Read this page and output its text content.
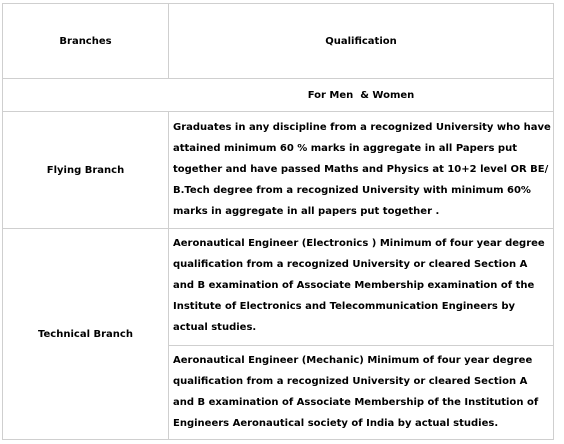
Branches	Qualification
For Men  & Women
Flying Branch
Graduates in any discipline from a recognized University who have attained minimum 60 % marks in aggregate in all Papers put together and have passed Maths and Physics at 10+2 level OR BE/ B.Tech degree from a recognized University with minimum 60% marks in aggregate in all papers put together .
Technical Branch
Aeronautical Engineer (Electronics ) Minimum of four year degree qualification from a recognized University or cleared Section A and B examination of Associate Membership examination of the Institute of Electronics and Telecommunication Engineers by actual studies.
Aeronautical Engineer (Mechanic) Minimum of four year degree qualification from a recognized University or cleared Section A and B examination of Associate Membership of the Institution of Engineers Aeronautical society of India by actual studies.
